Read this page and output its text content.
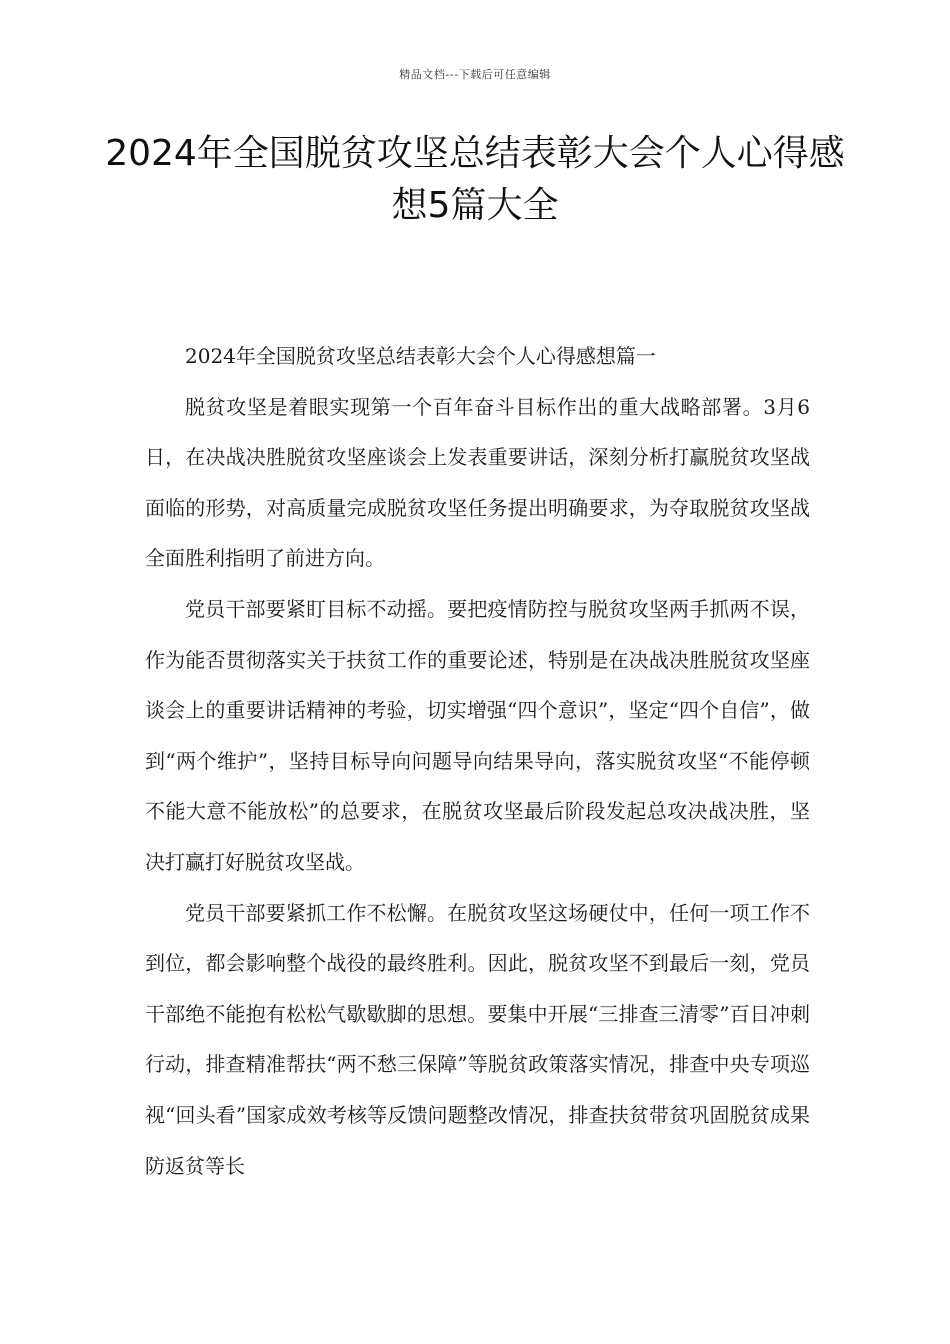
精品文档---下载后可任意编辑
2024年全国脱贫攻坚总结表彰大会个人心得感想5篇大全

2024年全国脱贫攻坚总结表彰大会个人心得感想篇一

脱贫攻坚是着眼实现第一个百年奋斗目标作出的重大战略部署。3月6日，在决战决胜脱贫攻坚座谈会上发表重要讲话，深刻分析打赢脱贫攻坚战面临的形势，对高质量完成脱贫攻坚任务提出明确要求，为夺取脱贫攻坚战全面胜利指明了前进方向。

党员干部要紧盯目标不动摇。要把疫情防控与脱贫攻坚两手抓两不误，作为能否贯彻落实关于扶贫工作的重要论述，特别是在决战决胜脱贫攻坚座谈会上的重要讲话精神的考验，切实增强“四个意识”，坚定“四个自信”，做到“两个维护”，坚持目标导向问题导向结果导向，落实脱贫攻坚“不能停顿不能大意不能放松”的总要求，在脱贫攻坚最后阶段发起总攻决战决胜，坚决打赢打好脱贫攻坚战。

党员干部要紧抓工作不松懈。在脱贫攻坚这场硬仗中，任何一项工作不到位，都会影响整个战役的最终胜利。因此，脱贫攻坚不到最后一刻，党员干部绝不能抱有松松气歇歇脚的思想。要集中开展“三排查三清零”百日冲刺行动，排查精准帮扶“两不愁三保障”等脱贫政策落实情况，排查中央专项巡视“回头看”国家成效考核等反馈问题整改情况，排查扶贫带贫巩固脱贫成果防返贫等长
